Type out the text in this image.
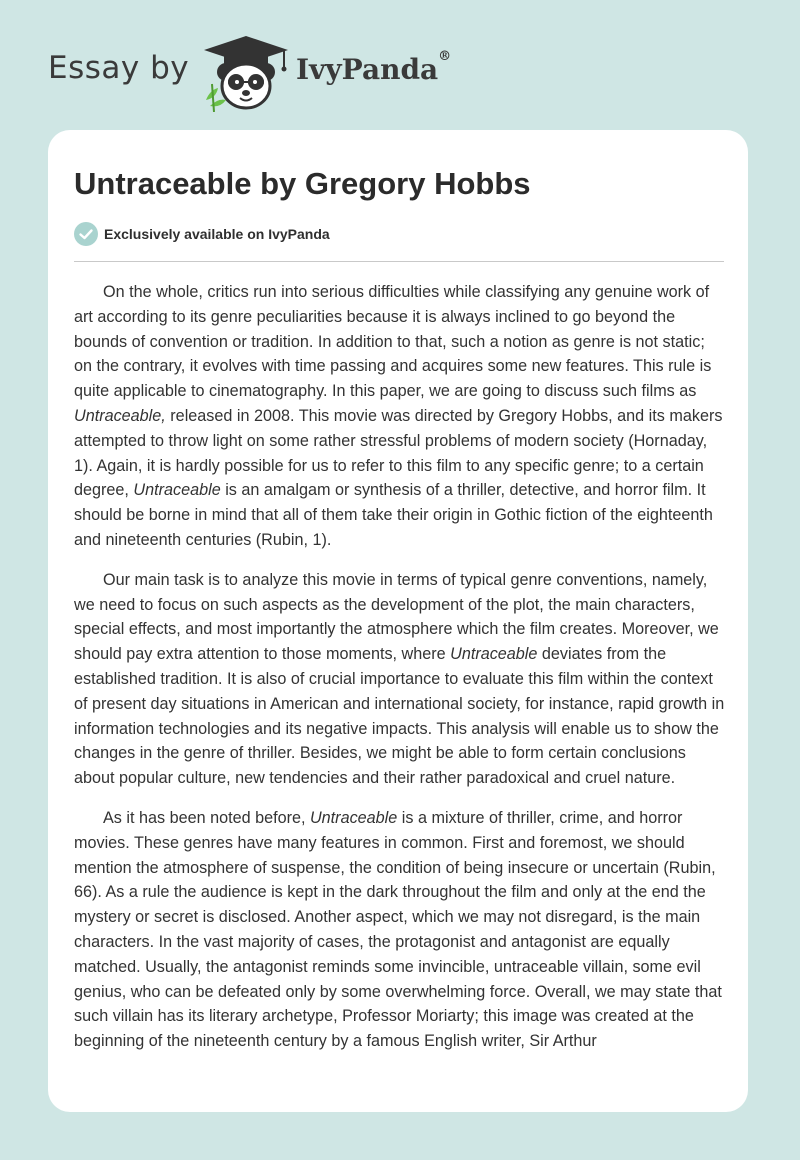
Essay by	IvyPanda®
Untraceable by Gregory Hobbs
Exclusively available on IvyPanda

On the whole, critics run into serious difficulties while classifying any genuine work of art according to its genre peculiarities because it is always inclined to go beyond the bounds of convention or tradition. In addition to that, such a notion as genre is not static; on the contrary, it evolves with time passing and acquires some new features. This rule is quite applicable to cinematography. In this paper, we are going to discuss such films as Untraceable, released in 2008. This movie was directed by Gregory Hobbs, and its makers attempted to throw light on some rather stressful problems of modern society (Hornaday, 1). Again, it is hardly possible for us to refer to this film to any specific genre; to a certain degree, Untraceable is an amalgam or synthesis of a thriller, detective, and horror film. It should be borne in mind that all of them take their origin in Gothic fiction of the eighteenth and nineteenth centuries (Rubin, 1).

Our main task is to analyze this movie in terms of typical genre conventions, namely, we need to focus on such aspects as the development of the plot, the main characters, special effects, and most importantly the atmosphere which the film creates. Moreover, we should pay extra attention to those moments, where Untraceable deviates from the established tradition. It is also of crucial importance to evaluate this film within the context of present day situations in American and international society, for instance, rapid growth in information technologies and its negative impacts. This analysis will enable us to show the changes in the genre of thriller. Besides, we might be able to form certain conclusions about popular culture, new tendencies and their rather paradoxical and cruel nature.

As it has been noted before, Untraceable is a mixture of thriller, crime, and horror movies. These genres have many features in common. First and foremost, we should mention the atmosphere of suspense, the condition of being insecure or uncertain (Rubin, 66). As a rule the audience is kept in the dark throughout the film and only at the end the mystery or secret is disclosed. Another aspect, which we may not disregard, is the main characters. In the vast majority of cases, the protagonist and antagonist are equally matched. Usually, the antagonist reminds some invincible, untraceable villain, some evil genius, who can be defeated only by some overwhelming force. Overall, we may state that such villain has its literary archetype, Professor Moriarty; this image was created at the beginning of the nineteenth century by a famous English writer, Sir Arthur
